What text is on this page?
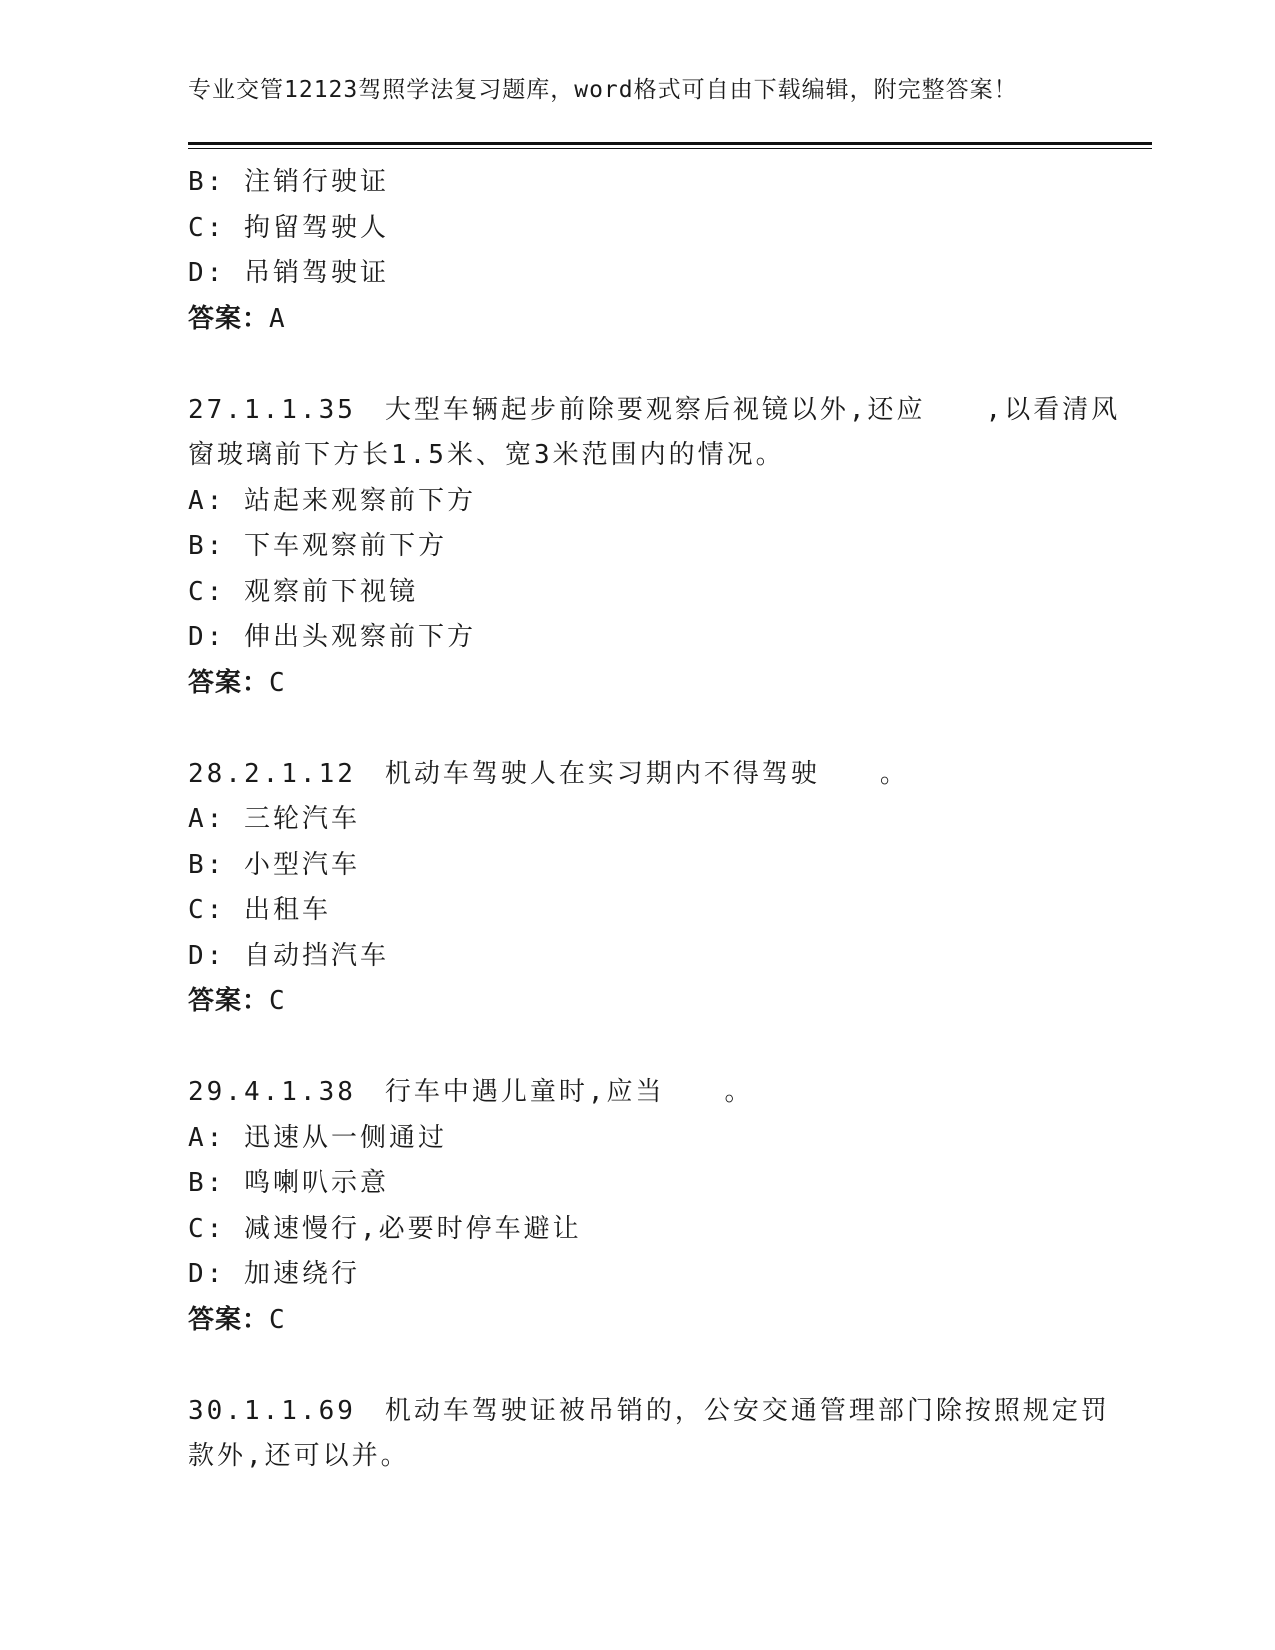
专业交管12123驾照学法复习题库，word格式可自由下载编辑，附完整答案！

B: 注销行驶证

C: 拘留驾驶人

D: 吊销驾驶证

答案：A

27.1.1.35　大型车辆起步前除要观察后视镜以外,还应 ,以看清风

窗玻璃前下方长1.5米、宽3米范围内的情况。

A: 站起来观察前下方

B: 下车观察前下方

C: 观察前下视镜

D: 伸出头观察前下方

答案：C

28.2.1.12　机动车驾驶人在实习期内不得驾驶 。

A: 三轮汽车

B: 小型汽车

C: 出租车

D: 自动挡汽车

答案：C

29.4.1.38　行车中遇儿童时,应当 。

A: 迅速从一侧通过

B: 鸣喇叭示意

C: 减速慢行,必要时停车避让

D: 加速绕行

答案：C

30.1.1.69　机动车驾驶证被吊销的，公安交通管理部门除按照规定罚

款外,还可以并。
